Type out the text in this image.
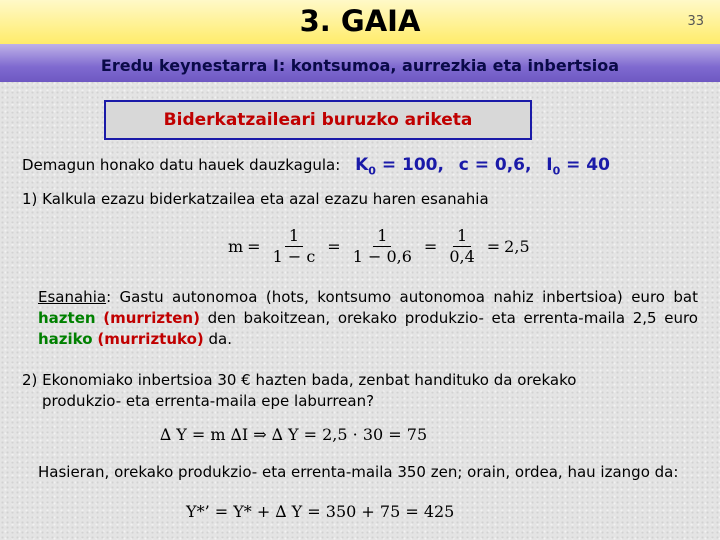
3. GAIA	33
Eredu keynestarra I: kontsumoa, aurrezkia eta inbertsioa
Biderkatzaileari buruzko ariketa
Demagun honako datu hauek dauzkagula: $K_0 = 100$, c = 0,6, $I_0 = 40$
1) Kalkula ezazu biderkatzailea eta azal ezazu haren esanahia
$m = \frac{1}{1 - c} = \frac{1}{1 - 0,6} = \frac{1}{0,4} = 2,5$
Esanahia: Gastu autonomoa (hots, kontsumo autonomoa nahiz inbertsioa) euro bat hazten (murrizten) den bakoitzean, orekako produkzio- eta errenta-maila 2,5 euro haziko (murriztuko) da.
2) Ekonomiako inbertsioa 30 € hazten bada, zenbat handituko da orekako
produkzio- eta errenta-maila epe laburrean?
∆ Y = m ∆I ⇒ ∆ Y = 2,5 · 30 = 75
Hasieran, orekako produkzio- eta errenta-maila 350 zen; orain, ordea, hau izango da:
Y*’ = Y* + ∆ Y = 350 + 75 = 425
